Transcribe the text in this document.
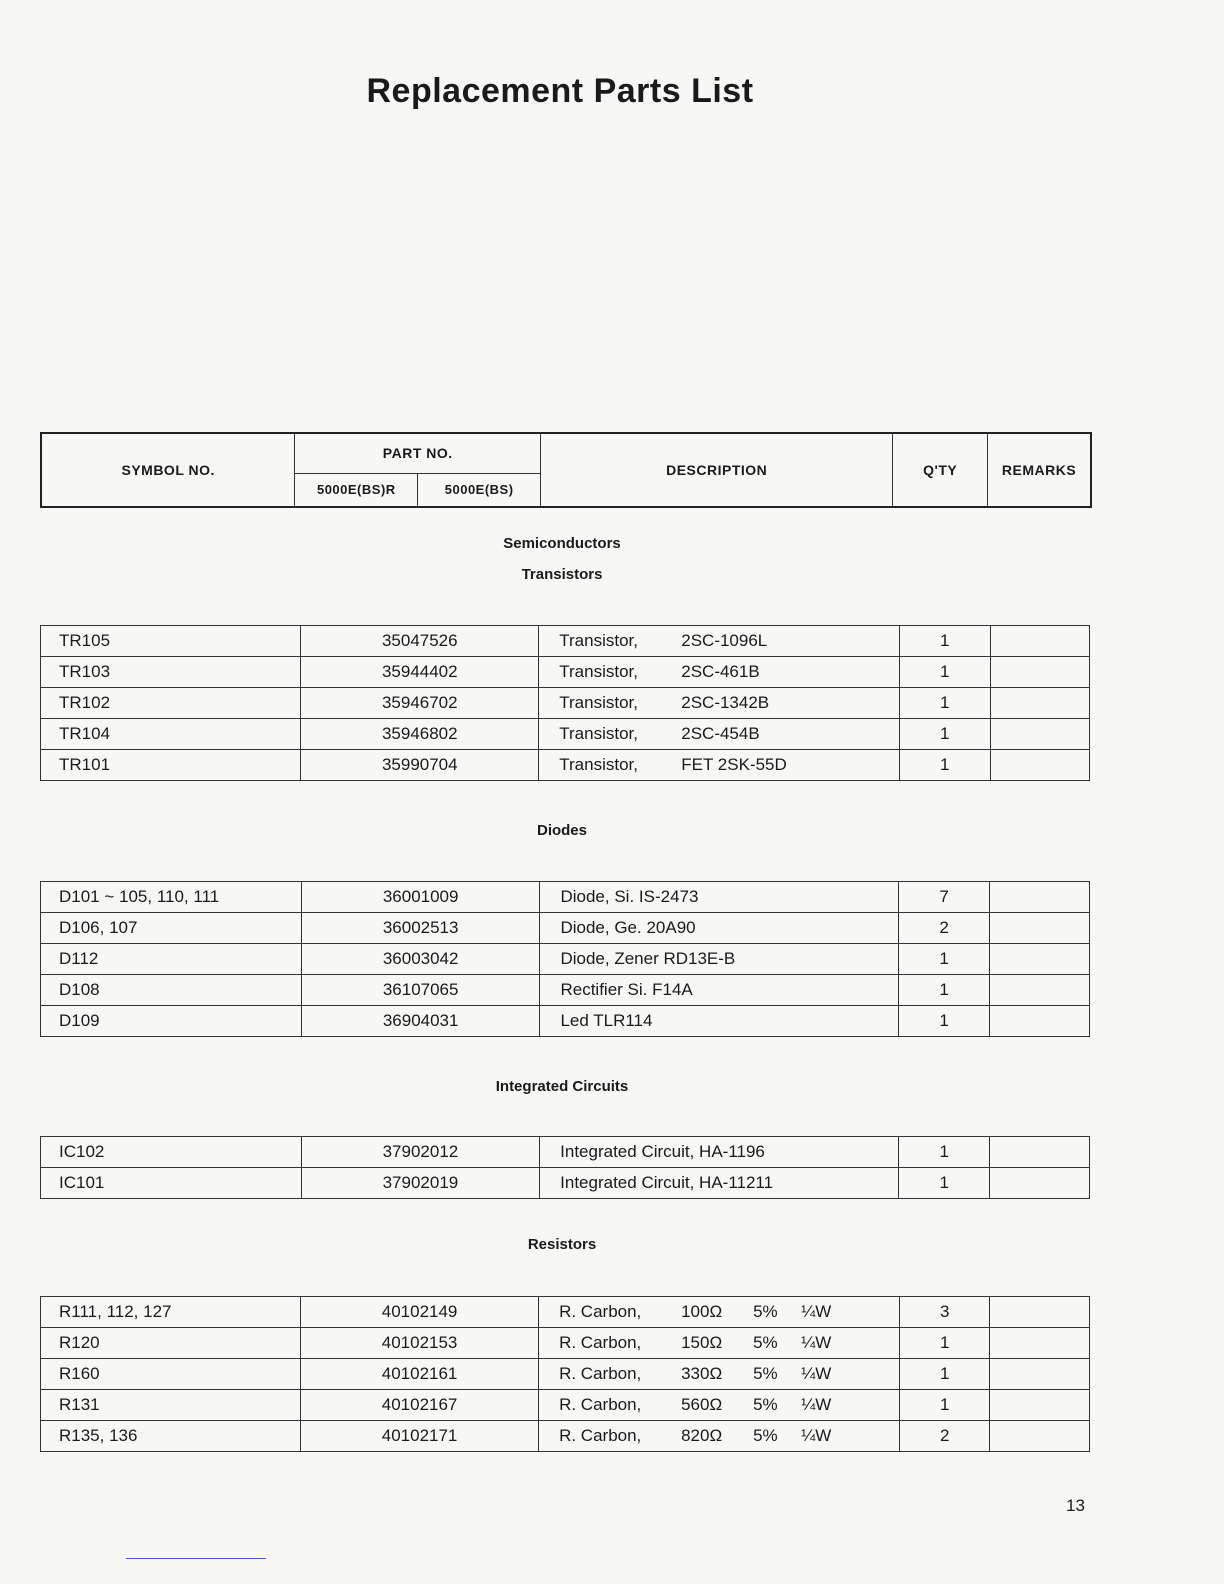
Replacement Parts List
SYMBOL NO.	PART NO.		DESCRIPTION	Q'TY	REMARKS
	5000E(BS)R	5000E(BS)			

Semiconductors

Transistors

TR105	35047526	Transistor, 2SC-1096L	1	
TR103	35944402	Transistor, 2SC-461B	1	
TR102	35946702	Transistor, 2SC-1342B	1	
TR104	35946802	Transistor, 2SC-454B	1	
TR101	35990704	Transistor, FET 2SK-55D	1	

Diodes

D101 ~ 105, 110, 111	36001009	Diode, Si. IS-2473	7	
D106, 107	36002513	Diode, Ge. 20A90	2	
D112	36003042	Diode, Zener RD13E-B	1	
D108	36107065	Rectifier Si. F14A	1	
D109	36904031	Led TLR114	1	

Integrated Circuits

IC102	37902012	Integrated Circuit, HA-1196	1	
IC101	37902019	Integrated Circuit, HA-11211	1	

Resistors

R111, 112, 127	40102149	R. Carbon, 100Ω 5% ¼W	3	
R120	40102153	R. Carbon, 150Ω 5% ¼W	1	
R160	40102161	R. Carbon, 330Ω 5% ¼W	1	
R131	40102167	R. Carbon, 560Ω 5% ¼W	1	
R135, 136	40102171	R. Carbon, 820Ω 5% ¼W	2	

13
